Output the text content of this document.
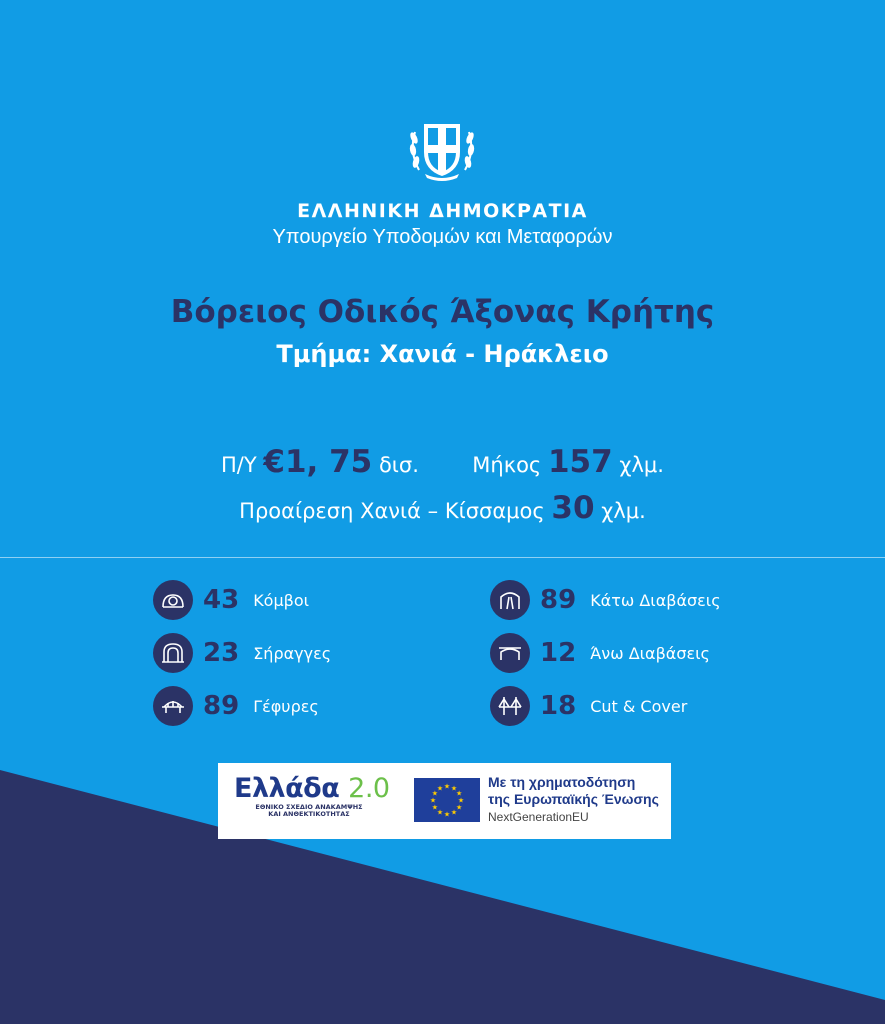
ΕΛΛΗΝΙΚΗ ΔΗΜΟΚΡΑΤΙΑ
Υπουργείο Υποδομών και Μεταφορών
Βόρειος Οδικός Άξονας Κρήτης
Τμήμα: Χανιά - Ηράκλειο
Π/Υ €1, 75 δισ.	Μήκος 157 χλμ.
Προαίρεση Χανιά – Κίσσαμος 30 χλμ.
43 Κόμβοι
23 Σήραγγες
89 Γέφυρες
89 Κάτω Διαβάσεις
12 Άνω Διαβάσεις
18 Cut & Cover
Ελλάδα 2.0
ΕΘΝΙΚΟ ΣΧΕΔΙΟ ΑΝΑΚΑΜΨΗΣ
ΚΑΙ ΑΝΘΕΚΤΙΚΟΤΗΤΑΣ
★
★
★
★
★
★
★
★
★ ★ ★
★
Με τη χρηματοδότηση
της Ευρωπαϊκής Ένωσης
NextGenerationEU
